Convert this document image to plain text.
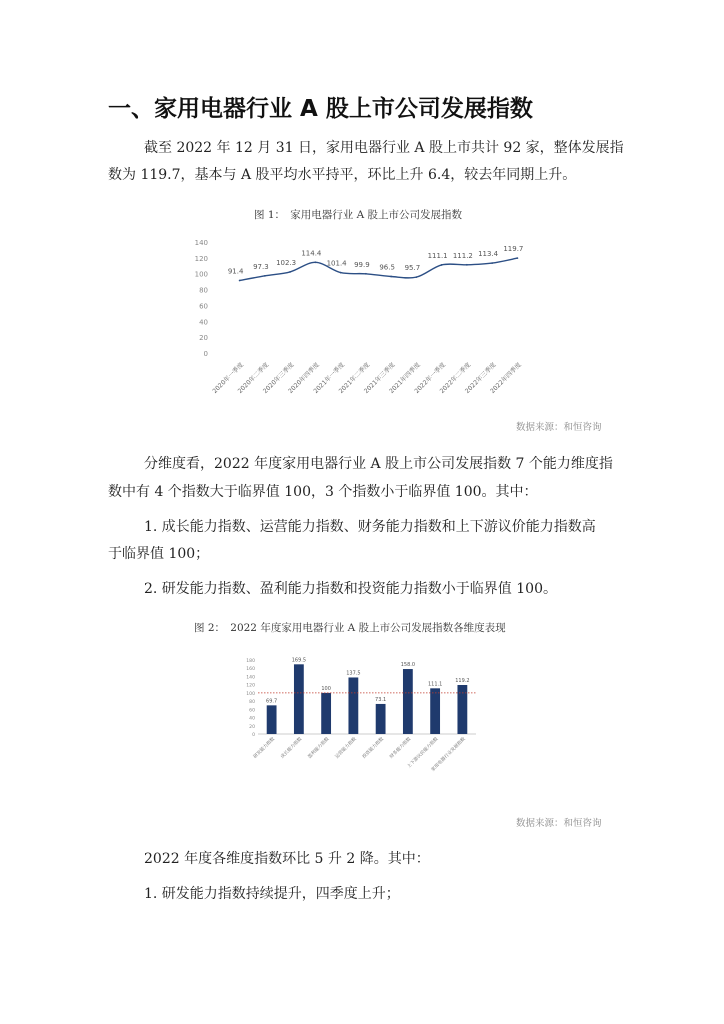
一、家用电器行业 A 股上市公司发展指数
截至 2022 年 12 月 31 日，家用电器行业 A 股上市共计 92 家，整体发展指
数为 119.7，基本与 A 股平均水平持平，环比上升 6.4，较去年同期上升。
图 1：　家用电器行业 A 股上市公司发展指数
0
20
40
60
80
100
120
140
91.4
97.3 102.3
114.4
101.4 99.9 96.5 95.7
111.1 111.2 113.4
119.7
2020年一季度
2020年二季度
2020年三季度
2020年四季度
2021年一季度
2021年二季度
2021年三季度
2021年四季度
2022年一季度
2022年二季度
2022年三季度
2022年四季度
数据来源：和恒咨询
分维度看，2022 年度家用电器行业 A 股上市公司发展指数 7 个能力维度指
数中有 4 个指数大于临界值 100，3 个指数小于临界值 100。其中：
1. 成长能力指数、运营能力指数、财务能力指数和上下游议价能力指数高
于临界值 100；
2. 研发能力指数、盈利能力指数和投资能力指数小于临界值 100。
图 2：　2022 年度家用电器行业 A 股上市公司发展指数各维度表现
0
20
40
60
80
100
120
140
160
180
69.7
研发能力指数
169.5
成长能力指数
100
盈利能力指数
137.5
运营能力指数
73.1
投资能力指数
158.0
财务能力指数
111.1
上下游议价能力指数
119.2
家用电器行业发展指数
数据来源：和恒咨询
2022 年度各维度指数环比 5 升 2 降。其中：
1. 研发能力指数持续提升，四季度上升；
